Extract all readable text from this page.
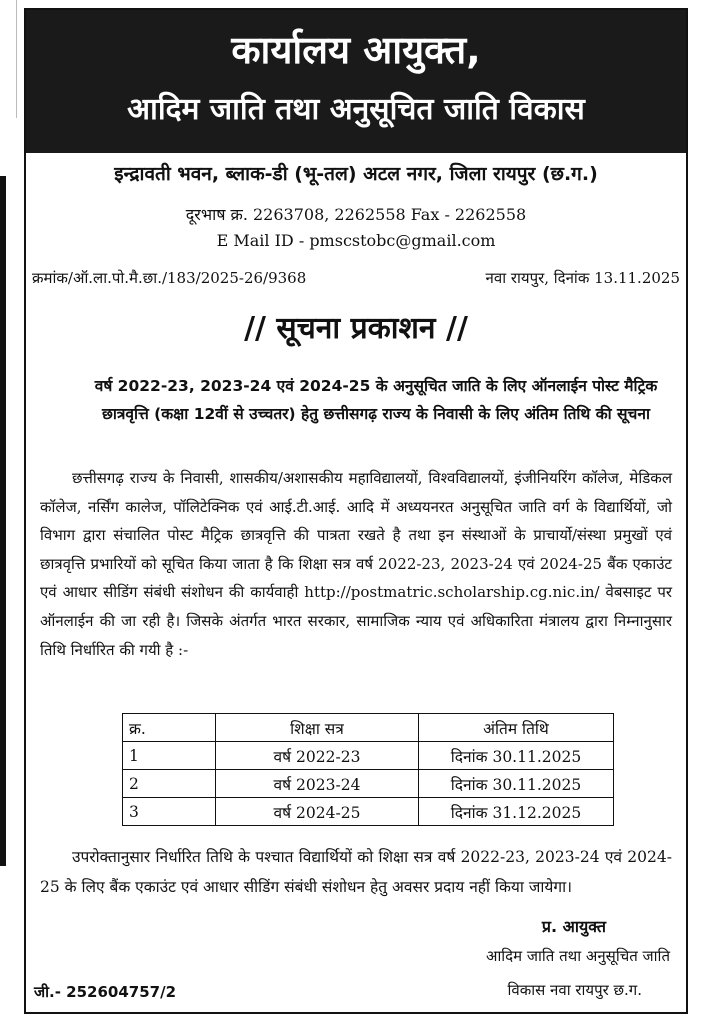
कार्यालय आयुक्त,
आदिम जाति तथा अनुसूचित जाति विकास
इन्द्रावती भवन, ब्लाक-डी (भू-तल) अटल नगर, जिला रायपुर (छ.ग.)
दूरभाष क्र. 2263708, 2262558 Fax - 2262558
E Mail ID - pmscstobc@gmail.com
क्रमांक/ऑ.ला.पो.मै.छा./183/2025-26/9368	नवा रायपुर, दिनांक 13.11.2025
// सूचना प्रकाशन //
वर्ष 2022-23, 2023-24 एवं 2024-25 के अनुसूचित जाति के लिए ऑनलाईन पोस्ट मैट्रिक छात्रवृत्ति (कक्षा 12वीं से उच्चतर) हेतु छत्तीसगढ़ राज्य के निवासी के लिए अंतिम तिथि की सूचना
छत्तीसगढ़ राज्य के निवासी, शासकीय/अशासकीय महाविद्यालयों, विश्वविद्यालयों, इंजीनियरिंग कॉलेज, मेडिकल कॉलेज, नर्सिंग कालेज, पॉलिटेक्निक एवं आई.टी.आई. आदि में अध्ययनरत अनुसूचित जाति वर्ग के विद्यार्थियों, जो विभाग द्वारा संचालित पोस्ट मैट्रिक छात्रवृत्ति की पात्रता रखते है तथा इन संस्थाओं के प्राचार्यो/संस्था प्रमुखों एवं छात्रवृत्ति प्रभारियों को सूचित किया जाता है कि शिक्षा सत्र वर्ष 2022-23, 2023-24 एवं 2024-25 बैंक एकाउंट एवं आधार सीडिंग संबंधी संशोधन की कार्यवाही http://postmatric.scholarship.cg.nic.in/ वेबसाइट पर ऑनलाईन की जा रही है। जिसके अंतर्गत भारत सरकार, सामाजिक न्याय एवं अधिकारिता मंत्रालय द्वारा निम्नानुसार तिथि निर्धारित की गयी है :-
क्र.	शिक्षा सत्र	अंतिम तिथि
1	वर्ष 2022-23	दिनांक 30.11.2025
2	वर्ष 2023-24	दिनांक 30.11.2025
3	वर्ष 2024-25	दिनांक 31.12.2025
उपरोक्तानुसार निर्धारित तिथि के पश्चात विद्यार्थियों को शिक्षा सत्र वर्ष 2022-23, 2023-24 एवं 2024-25 के लिए बैंक एकाउंट एवं आधार सीडिंग संबंधी संशोधन हेतु अवसर प्रदाय नहीं किया जायेगा।
प्र. आयुक्त
आदिम जाति तथा अनुसूचित जाति
विकास नवा रायपुर छ.ग.
जी.- 252604757/2
